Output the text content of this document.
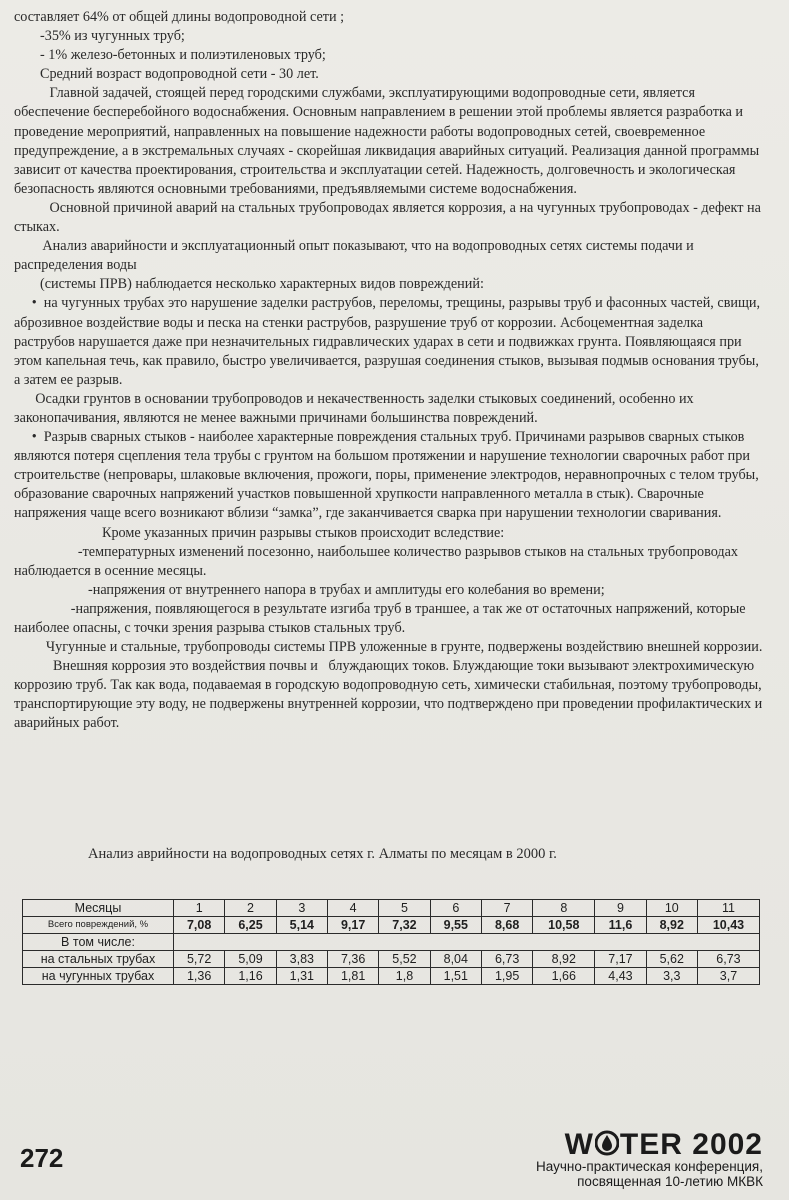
составляет 64% от общей длины водопроводной сети ;

-35% из чугунных труб;

- 1% железо-бетонных и полиэтиленовых труб;

Средний возраст водопроводной сети - 30 лет.

Главной задачей, стоящей перед городскими службами, эксплуатирующими водопроводные сети, является обеспечение бесперебойного водоснабжения. Основным направлением в решении этой проблемы является разработка и проведение мероприятий, направленных на повышение надежности работы водопроводных сетей, своевременное предупреждение, а в экстремальных случаях - скорейшая ликвидация аварийных ситуаций. Реализация данной программы зависит от качества проектирования, строительства и эксплуатации сетей. Надежность, долговечность и экологическая безопасность являются основными требованиями, предъявляемыми системе водоснабжения.

Основной причиной аварий на стальных трубопроводах является коррозия, а на чугунных трубопроводах - дефект на стыках.

Анализ аварийности и эксплуатационный опыт показывают, что на водопроводных сетях системы подачи и распределения воды

(системы ПРВ) наблюдается несколько характерных видов повреждений:

•  на чугунных трубах это нарушение заделки раструбов, переломы, трещины, разрывы труб и фасонных частей, свищи, аброзивное воздействие воды и песка на стенки раструбов, разрушение труб от коррозии. Асбоцементная заделка раструбов нарушается даже при незначительных гидравлических ударах в сети и подвижках грунта. Появляющаяся при этом капельная течь, как правило, быстро увеличивается, разрушая соединения стыков, вызывая подмыв основания трубы, а затем ее разрыв.

Осадки грунтов в основании трубопроводов и некачественность заделки стыковых соединений, особенно их законопачивания, являются не менее важными причинами большинства повреждений.

•  Разрыв сварных стыков - наиболее характерные повреждения стальных труб. Причинами разрывов сварных стыков являются потеря сцепления тела трубы с грунтом на большом протяжении и нарушение технологии сварочных работ при строительстве (непровары, шлаковые включения, прожоги, поры, применение электродов, неравнопрочных с телом трубы, образование сварочных напряжений участков повышенной хрупкости направленного металла в стык). Сварочные напряжения чаще всего возникают вблизи “замка”, где заканчивается сварка при нарушении технологии сваривания.

Кроме указанных причин разрывы стыков происходит вследствие:

-температурных изменений посезонно, наибольшее количество разрывов стыков на стальных трубопроводах наблюдается в осенние месяцы.

-напряжения от внутреннего напора в трубах и амплитуды его колебания во времени;

-напряжения, появляющегося в результате изгиба труб в траншее, а так же от остаточных напряжений, которые наиболее опасны, с точки зрения разрыва стыков стальных труб.

Чугунные и стальные, трубопроводы системы ПРВ уложенные в грунте, подвержены воздействию внешней коррозии.

Внешняя коррозия это воздействия почвы и   блуждающих токов. Блуждающие токи вызывают электрохимическую коррозию труб. Так как вода, подаваемая в городскую водопроводную сеть, химически стабильная, поэтому трубопроводы, транспортирующие эту воду, не подвержены внутренней коррозии, что подтверждено при проведении профилактических и аварийных работ.

Анализ аврийности на водопроводных сетях г. Алматы по месяцам в 2000 г.
Месяцы	1	2	3	4	5	6	7	8	9	10	11
Всего повреждений, %	7,08	6,25	5,14	9,17	7,32	9,55	8,68	10,58	11,6	8,92	10,43
В том числе:											
на стальных трубах	5,72	5,09	3,83	7,36	5,52	8,04	6,73	8,92	7,17	5,62	6,73
на чугунных трубах	1,36	1,16	1,31	1,81	1,8	1,51	1,95	1,66	4,43	3,3	3,7
272	W TER 2002
Научно-практическая конференция,
посвященная 10-летию МКВК
